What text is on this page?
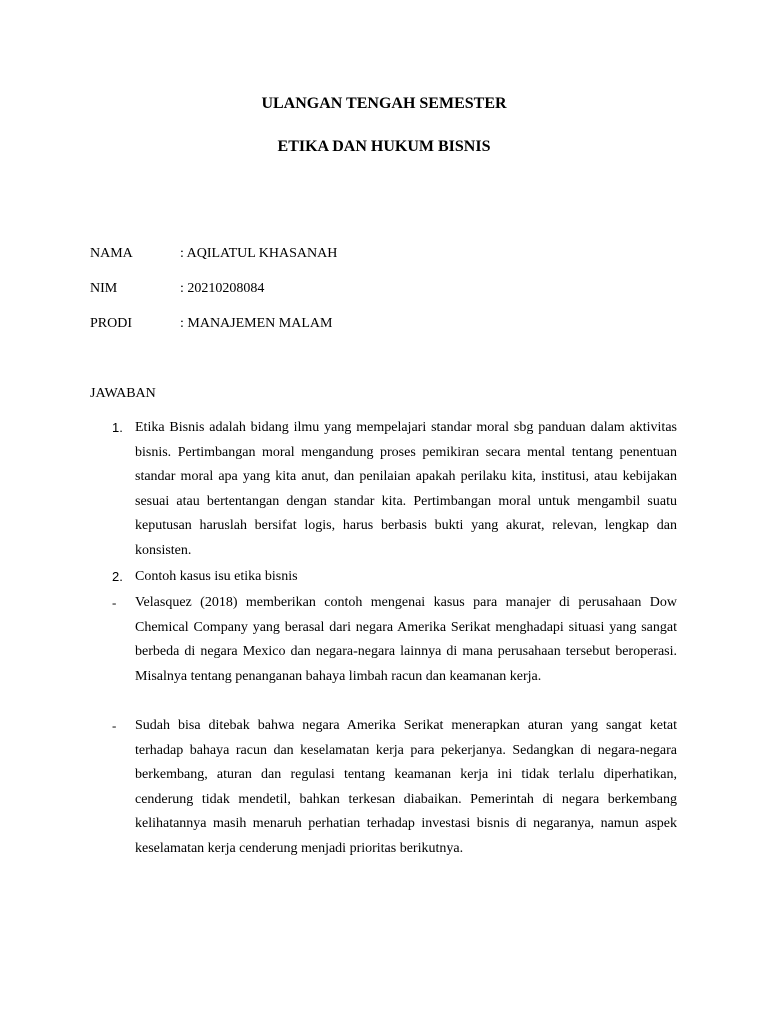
ULANGAN TENGAH SEMESTER
ETIKA DAN HUKUM BISNIS
NAMA	: AQILATUL KHASANAH
NIM	: 20210208084
PRODI	: MANAJEMEN MALAM
JAWABAN
1. Etika Bisnis adalah bidang ilmu yang mempelajari standar moral sbg panduan dalam aktivitas bisnis. Pertimbangan moral mengandung proses pemikiran secara mental tentang penentuan standar moral apa yang kita anut, dan penilaian apakah perilaku kita, institusi, atau kebijakan sesuai atau bertentangan dengan standar kita. Pertimbangan moral untuk mengambil suatu keputusan haruslah bersifat logis, harus berbasis bukti yang akurat, relevan, lengkap dan konsisten.

2. Contoh kasus isu etika bisnis

- Velasquez (2018) memberikan contoh mengenai kasus para manajer di perusahaan Dow Chemical Company yang berasal dari negara Amerika Serikat menghadapi situasi yang sangat berbeda di negara Mexico dan negara-negara lainnya di mana perusahaan tersebut beroperasi. Misalnya tentang penanganan bahaya limbah racun dan keamanan kerja.

- Sudah bisa ditebak bahwa negara Amerika Serikat menerapkan aturan yang sangat ketat terhadap bahaya racun dan keselamatan kerja para pekerjanya. Sedangkan di negara-negara berkembang, aturan dan regulasi tentang keamanan kerja ini tidak terlalu diperhatikan, cenderung tidak mendetil, bahkan terkesan diabaikan. Pemerintah di negara berkembang kelihatannya masih menaruh perhatian terhadap investasi bisnis di negaranya, namun aspek keselamatan kerja cenderung menjadi prioritas berikutnya.
